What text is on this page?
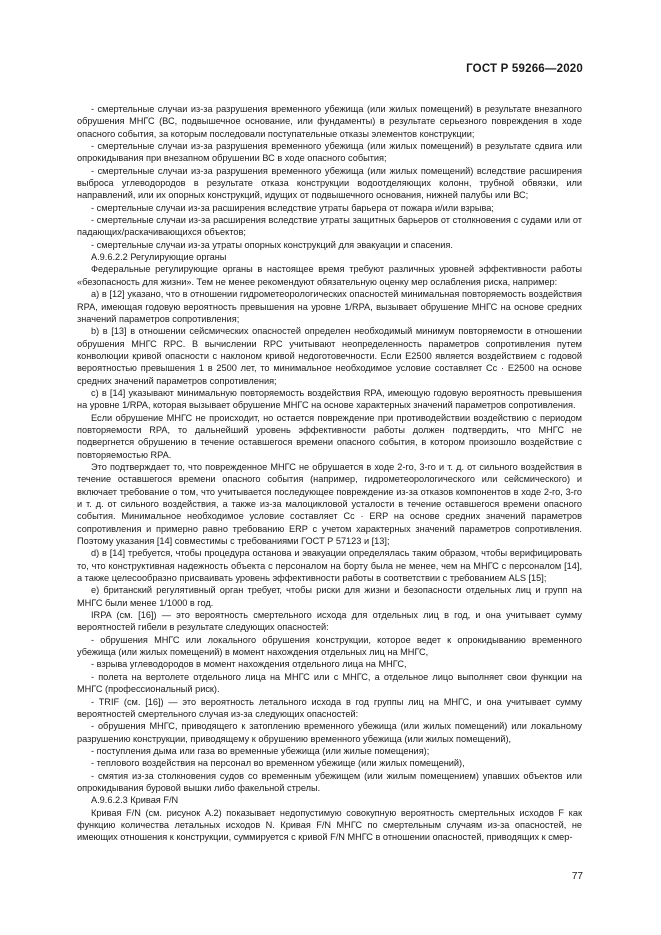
ГОСТ Р 59266—2020

- смертельные случаи из-за разрушения временного убежища (или жилых помещений) в результате внезапного обрушения МНГС (ВС, подвышечное основание, или фундаменты) в результате серьезного повреждения в ходе опасного события, за которым последовали поступательные отказы элементов конструкции;

- смертельные случаи из-за разрушения временного убежища (или жилых помещений) в результате сдвига или опрокидывания при внезапном обрушении ВС в ходе опасного события;

- смертельные случаи из-за разрушения временного убежища (или жилых помещений) вследствие расширения выброса углеводородов в результате отказа конструкции водоотделяющих колонн, трубной обвязки, или направлений, или их опорных конструкций, идущих от подвышечного основания, нижней палубы или ВС;

- смертельные случаи из-за расширения вследствие утраты барьера от пожара и/или взрыва;

- смертельные случаи из-за расширения вследствие утраты защитных барьеров от столкновения с судами или от падающих/раскачивающихся объектов;

- смертельные случаи из-за утраты опорных конструкций для эвакуации и спасения.

А.9.6.2.2 Регулирующие органы

Федеральные регулирующие органы в настоящее время требуют различных уровней эффективности работы «безопасность для жизни». Тем не менее рекомендуют обязательную оценку мер ослабления риска, например:

а) в [12] указано, что в отношении гидрометеорологических опасностей минимальная повторяемость воздействия RPA, имеющая годовую вероятность превышения на уровне 1/RPA, вызывает обрушение МНГС на основе средних значений параметров сопротивления;

b) в [13] в отношении сейсмических опасностей определен необходимый минимум повторяемости в отношении обрушения МНГС RPC. В вычислении RPC учитывают неопределенность параметров сопротивления путем конволюции кривой опасности с наклоном кривой недоготовечности. Если E2500 является воздействием с годовой вероятностью превышения 1 в 2500 лет, то минимальное необходимое условие составляет Cc · E2500 на основе средних значений параметров сопротивления;

с) в [14] указывают минимальную повторяемость воздействия RPA, имеющую годовую вероятность превышения на уровне 1/RPA, которая вызывает обрушение МНГС на основе характерных значений параметров сопротивления.

Если обрушение МНГС не происходит, но остается повреждение при противодействии воздействию с периодом повторяемости RPA, то дальнейший уровень эффективности работы должен подтвердить, что МНГС не подвергнется обрушению в течение оставшегося времени опасного события, в котором произошло воздействие с повторяемостью RPA.

Это подтверждает то, что поврежденное МНГС не обрушается в ходе 2-го, 3-го и т. д. от сильного воздействия в течение оставшегося времени опасного события (например, гидрометеорологического или сейсмического) и включает требование о том, что учитывается последующее повреждение из-за отказов компонентов в ходе 2-го, 3-го и т. д. от сильного воздействия, а также из-за малоцикловой усталости в течение оставшегося времени опасного события. Минимальное необходимое условие составляет Cc · ERP на основе средних значений параметров сопротивления и примерно равно требованию ERP с учетом характерных значений параметров сопротивления. Поэтому указания [14] совместимы с требованиями ГОСТ Р 57123 и [13];

d) в [14] требуется, чтобы процедура останова и эвакуации определялась таким образом, чтобы верифицировать то, что конструктивная надежность объекта с персоналом на борту была не менее, чем на МНГС с персоналом [14], а также целесообразно присваивать уровень эффективности работы в соответствии с требованием ALS [15];

е) британский регулятивный орган требует, чтобы риски для жизни и безопасности отдельных лиц и групп на МНГС были менее 1/1000 в год.

IRPA (см. [16]) — это вероятность смертельного исхода для отдельных лиц в год, и она учитывает сумму вероятностей гибели в результате следующих опасностей:

- обрушения МНГС или локального обрушения конструкции, которое ведет к опрокидыванию временного убежища (или жилых помещений) в момент нахождения отдельных лиц на МНГС,

- взрыва углеводородов в момент нахождения отдельного лица на МНГС,

- полета на вертолете отдельного лица на МНГС или с МНГС, а отдельное лицо выполняет свои функции на МНГС (профессиональный риск).

- TRIF (см. [16]) — это вероятность летального исхода в год группы лиц на МНГС, и она учитывает сумму вероятностей смертельного случая из-за следующих опасностей:

- обрушения МНГС, приводящего к затоплению временного убежища (или жилых помещений) или локальному разрушению конструкции, приводящему к обрушению временного убежища (или жилых помещений),

- поступления дыма или газа во временные убежища (или жилые помещения);

- теплового воздействия на персонал во временном убежище (или жилых помещений),

- смятия из-за столкновения судов со временным убежищем (или жилым помещением) упавших объектов или опрокидывания буровой вышки либо факельной стрелы.

А.9.6.2.3 Кривая F/N

Кривая F/N (см. рисунок А.2) показывает недопустимую совокупную вероятность смертельных исходов F как функцию количества летальных исходов N. Кривая F/N МНГС по смертельным случаям из-за опасностей, не имеющих отношения к конструкции, суммируется с кривой F/N МНГС в отношении опасностей, приводящих к смер-

77
